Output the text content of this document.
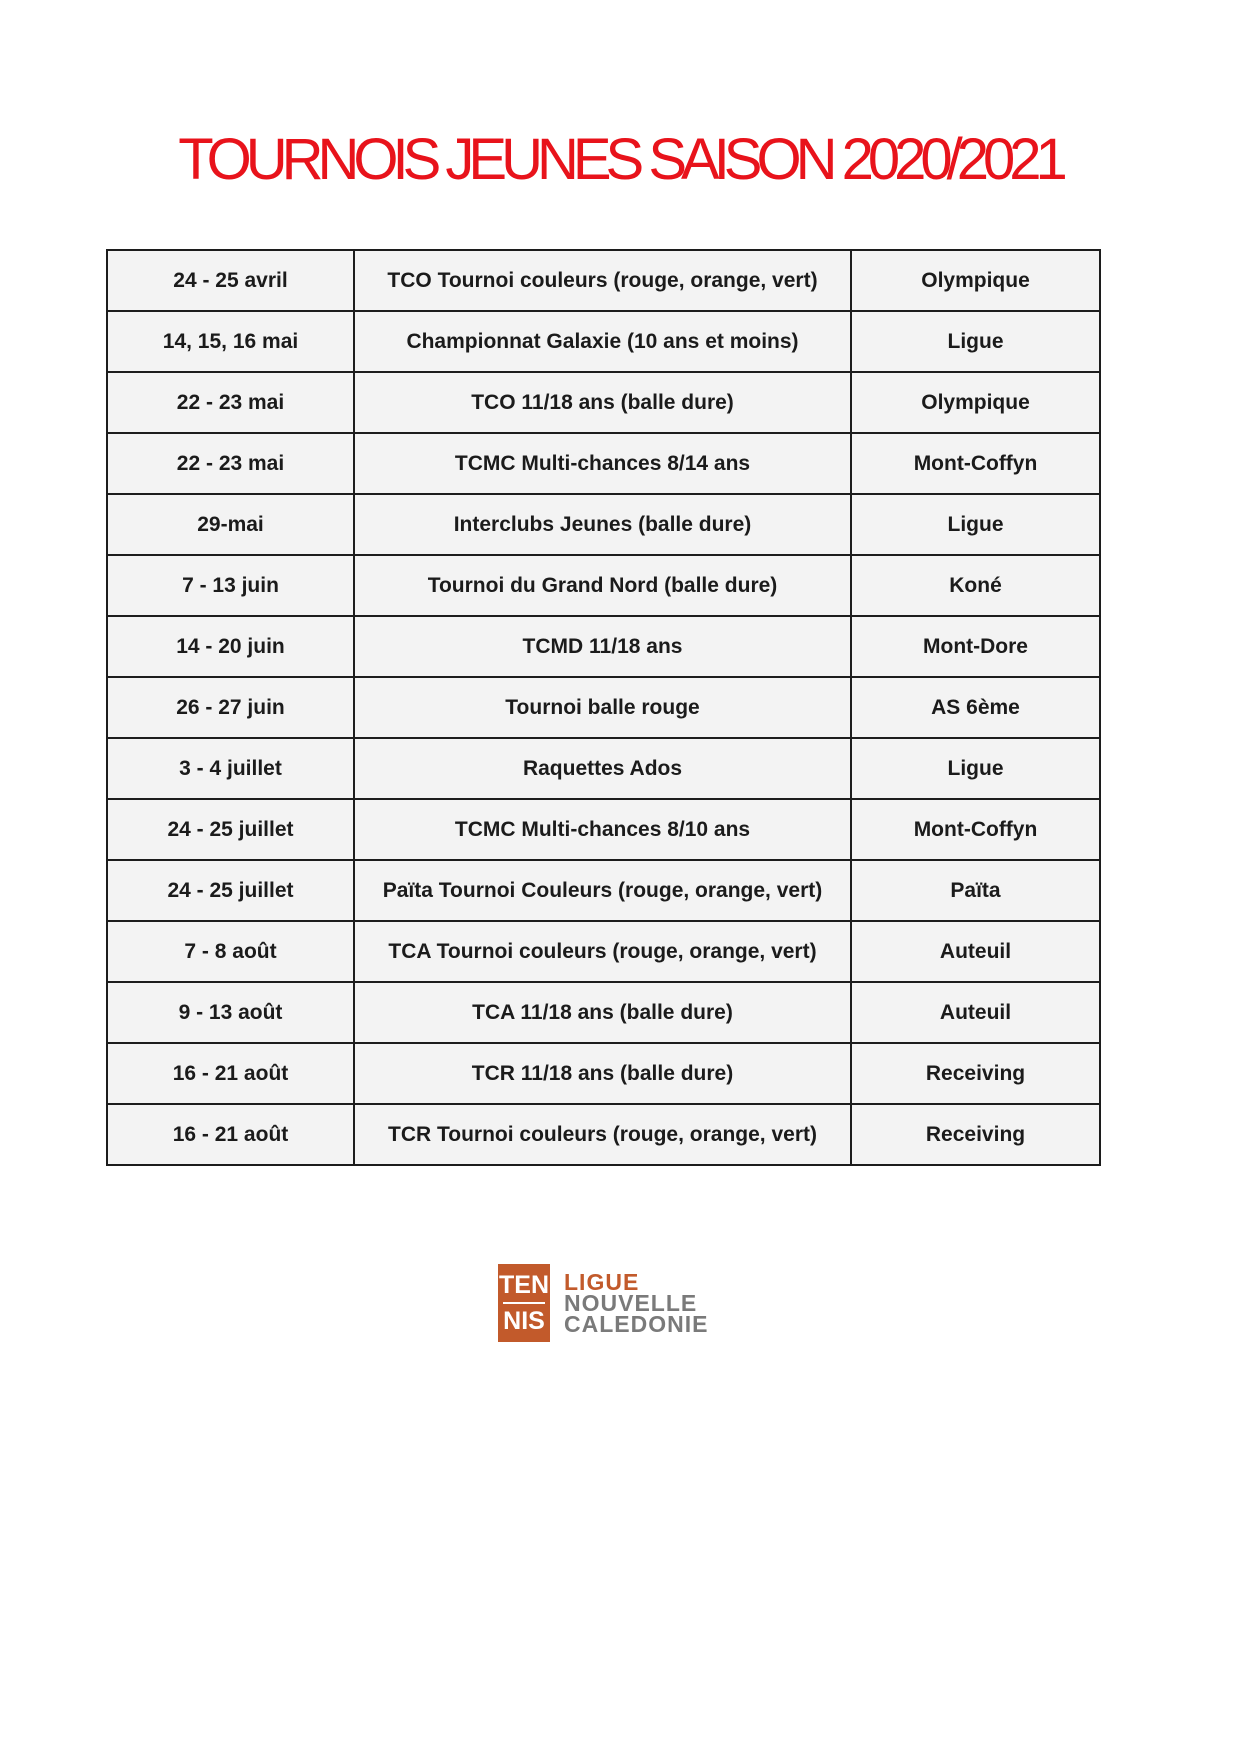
TOURNOIS JEUNES SAISON 2020/2021
24 - 25 avril	TCO Tournoi couleurs (rouge, orange, vert)	Olympique
14, 15, 16 mai	Championnat Galaxie (10 ans et moins)	Ligue
22 - 23 mai	TCO 11/18 ans (balle dure)	Olympique
22 - 23 mai	TCMC Multi-chances 8/14 ans	Mont-Coffyn
29-mai	Interclubs Jeunes (balle dure)	Ligue
7 - 13 juin	Tournoi du Grand Nord (balle dure)	Koné
14 - 20 juin	TCMD 11/18 ans	Mont-Dore
26 - 27 juin	Tournoi balle rouge	AS 6ème
3 - 4 juillet	Raquettes Ados	Ligue
24 - 25 juillet	TCMC Multi-chances 8/10 ans	Mont-Coffyn
24 - 25 juillet	Païta Tournoi Couleurs (rouge, orange, vert)	Païta
7 - 8 août	TCA Tournoi couleurs (rouge, orange, vert)	Auteuil
9 - 13 août	TCA 11/18 ans (balle dure)	Auteuil
16 - 21 août	TCR 11/18 ans (balle dure)	Receiving
16 - 21 août	TCR Tournoi couleurs (rouge, orange, vert)	Receiving
TEN
NIS
LIGUE
NOUVELLE
CALEDONIE
